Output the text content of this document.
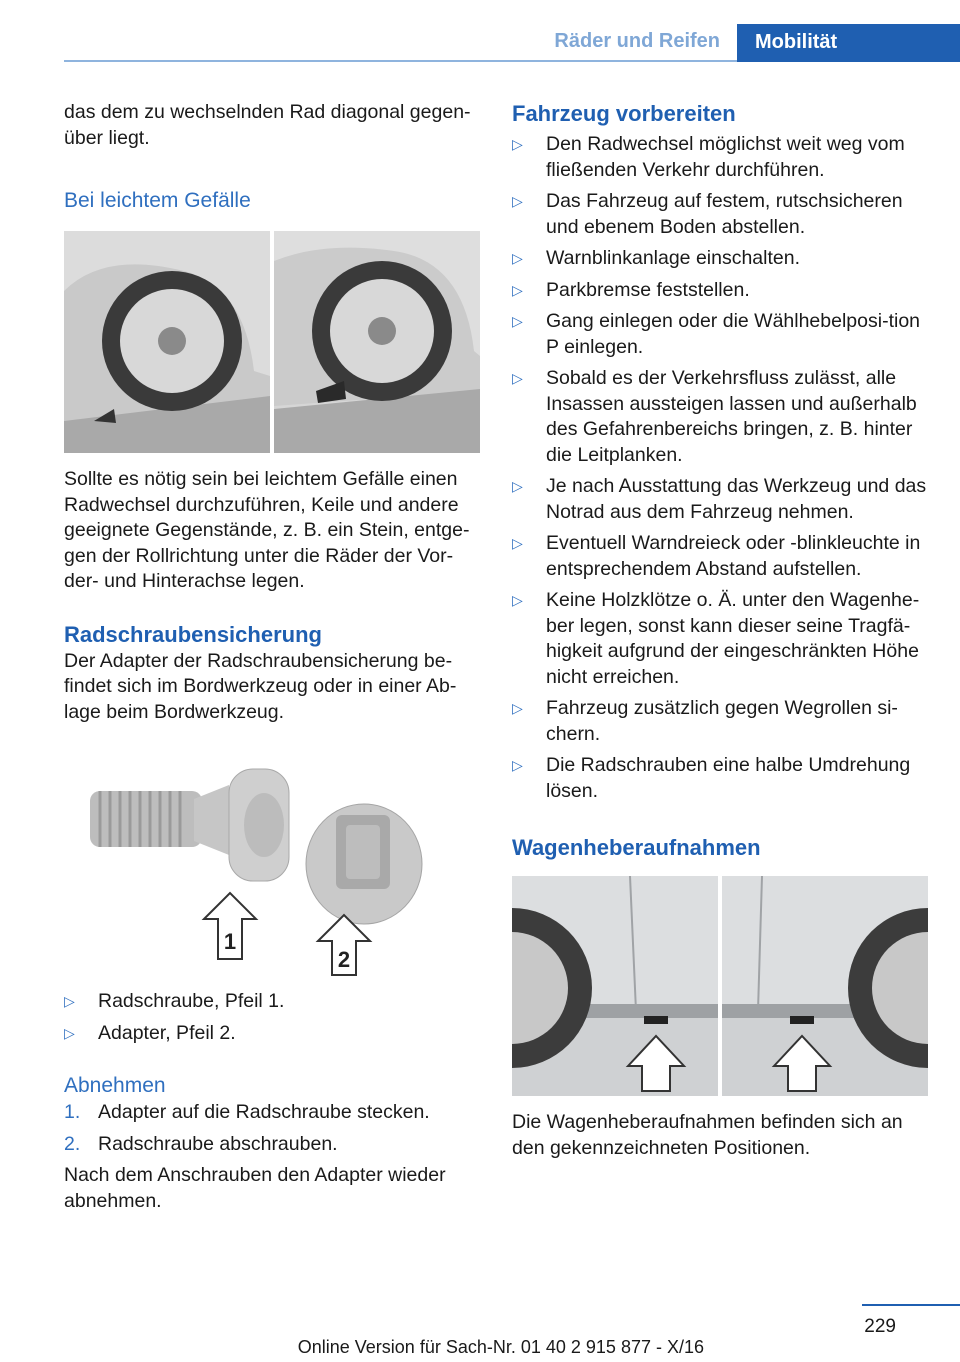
Räder und Reifen	Mobilität

das dem zu wechselnden Rad diagonal gegen-
über liegt.

Bei leichtem Gefälle

Sollte es nötig sein bei leichtem Gefälle einen Radwechsel durchzuführen, Keile und andere geeignete Gegenstände, z. B. ein Stein, entge-gen der Rollrichtung unter die Räder der Vor-der- und Hinterachse legen.

Radschraubensicherung

Der Adapter der Radschraubensicherung be-findet sich im Bordwerkzeug oder in einer Ab-lage beim Bordwerkzeug.

1
2
▷ Radschraube, Pfeil 1.
▷ Adapter, Pfeil 2.
Abnehmen
1. Adapter auf die Radschraube stecken.
2. Radschraube abschrauben.

Nach dem Anschrauben den Adapter wieder abnehmen.

Fahrzeug vorbereiten
▷ Den Radwechsel möglichst weit weg vom fließenden Verkehr durchführen.
▷ Das Fahrzeug auf festem, rutschsicheren und ebenem Boden abstellen.
▷ Warnblinkanlage einschalten.
▷ Parkbremse feststellen.
▷ Gang einlegen oder die Wählhebelposi-tion P einlegen.
▷ Sobald es der Verkehrsfluss zulässt, alle Insassen aussteigen lassen und außerhalb des Gefahrenbereichs bringen, z. B. hinter die Leitplanken.
▷ Je nach Ausstattung das Werkzeug und das Notrad aus dem Fahrzeug nehmen.
▷ Eventuell Warndreieck oder -blinkleuchte in entsprechendem Abstand aufstellen.
▷ Keine Holzklötze o. Ä. unter den Wagenhe-ber legen, sonst kann dieser seine Tragfä-higkeit aufgrund der eingeschränkten Höhe nicht erreichen.
▷ Fahrzeug zusätzlich gegen Wegrollen si-chern.
▷ Die Radschrauben eine halbe Umdrehung lösen.
Wagenheberaufnahmen

Die Wagenheberaufnahmen befinden sich an den gekennzeichneten Positionen.

229
Online Version für Sach-Nr. 01 40 2 915 877 - X/16
